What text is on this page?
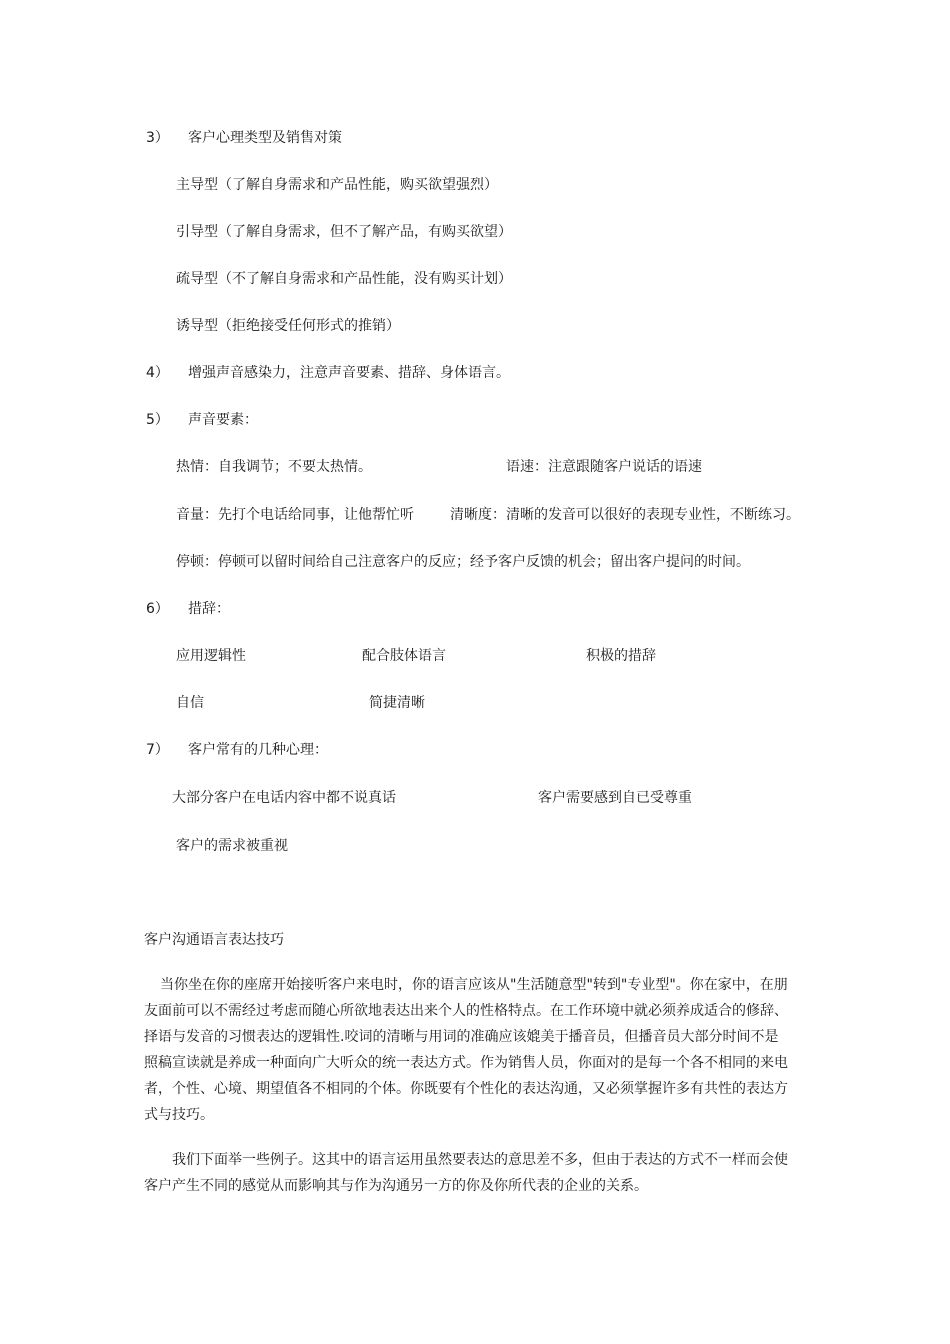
3） 客户心理类型及销售对策
主导型（了解自身需求和产品性能，购买欲望强烈）
引导型（了解自身需求，但不了解产品，有购买欲望）
疏导型（不了解自身需求和产品性能，没有购买计划）
诱导型（拒绝接受任何形式的推销）
4） 增强声音感染力，注意声音要素、措辞、身体语言。
5） 声音要素：
热情：自我调节；不要太热情。	语速：注意跟随客户说话的语速
音量：先打个电话给同事，让他帮忙听	清晰度：清晰的发音可以很好的表现专业性，不断练习。
停顿：停顿可以留时间给自己注意客户的反应；经予客户反馈的机会；留出客户提问的时间。
6） 措辞：
应用逻辑性	配合肢体语言	积极的措辞
自信	简捷清晰
7） 客户常有的几种心理：
大部分客户在电话内容中都不说真话	客户需要感到自已受尊重
客户的需求被重视
客户沟通语言表达技巧

当你坐在你的座席开始接听客户来电时，你的语言应该从"生活随意型"转到"专业型"。你在家中，在朋

友面前可以不需经过考虑而随心所欲地表达出来个人的性格特点。在工作环境中就必须养成适合的修辞、

择语与发音的习惯表达的逻辑性.咬词的清晰与用词的准确应该媲美于播音员，但播音员大部分时间不是

照稿宣读就是养成一种面向广大听众的统一表达方式。作为销售人员，你面对的是每一个各不相同的来电

者，个性、心境、期望值各不相同的个体。你既要有个性化的表达沟通，又必须掌握许多有共性的表达方

式与技巧。

我们下面举一些例子。这其中的语言运用虽然要表达的意思差不多，但由于表达的方式不一样而会使

客户产生不同的感觉从而影响其与作为沟通另一方的你及你所代表的企业的关系。
